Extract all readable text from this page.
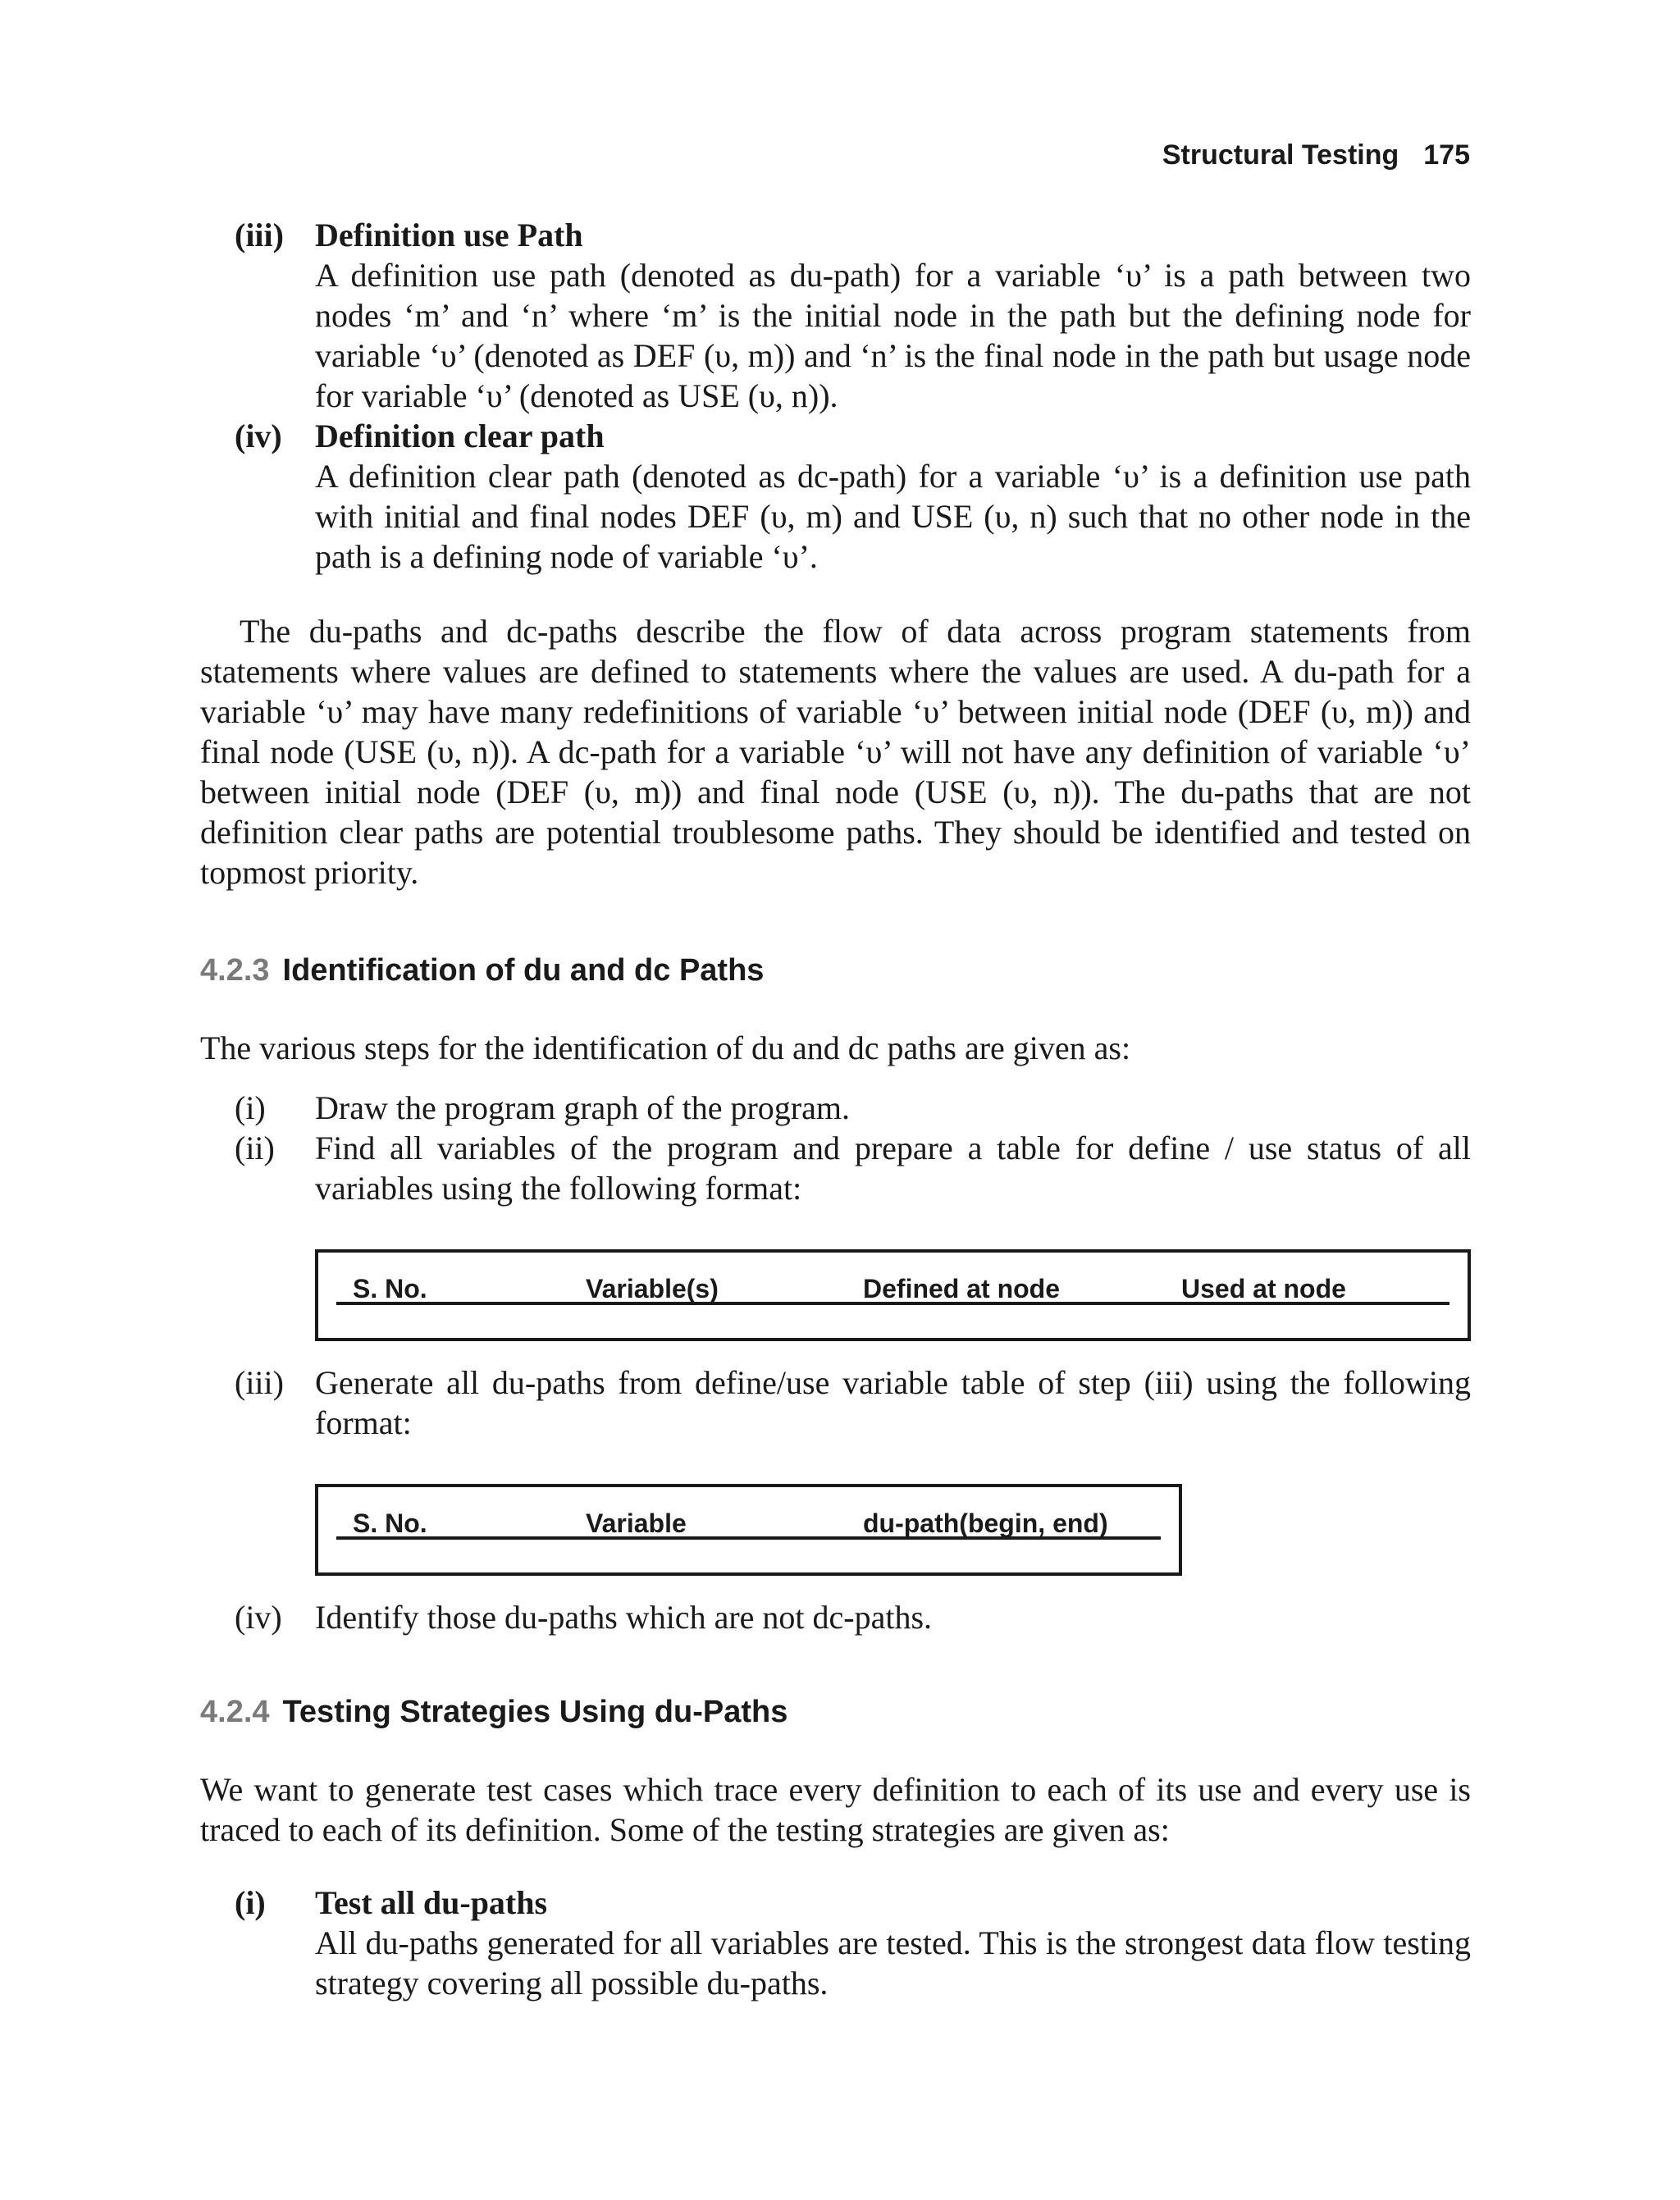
Structural Testing 175
(iii) Definition use Path
A definition use path (denoted as du-path) for a variable ‘υ’ is a path between two nodes ‘m’ and ‘n’ where ‘m’ is the initial node in the path but the defining node for variable ‘υ’ (denoted as DEF (υ, m)) and ‘n’ is the final node in the path but usage node for variable ‘υ’ (denoted as USE (υ, n)).
(iv) Definition clear path
A definition clear path (denoted as dc-path) for a variable ‘υ’ is a definition use path with initial and final nodes DEF (υ, m) and USE (υ, n) such that no other node in the path is a defining node of variable ‘υ’.

The du-paths and dc-paths describe the flow of data across program statements from statements where values are defined to statements where the values are used. A du-path for a variable ‘υ’ may have many redefinitions of variable ‘υ’ between initial node (DEF (υ, m)) and final node (USE (υ, n)). A dc-path for a variable ‘υ’ will not have any definition of variable ‘υ’ between initial node (DEF (υ, m)) and final node (USE (υ, n)). The du-paths that are not definition clear paths are potential troublesome paths. They should be identified and tested on topmost priority.

4.2.3 Identification of du and dc Paths

The various steps for the identification of du and dc paths are given as:

(i) Draw the program graph of the program.
(ii) Find all variables of the program and prepare a table for define / use status of all variables using the following format:
S. No.	Variable(s)	Defined at node	Used at node
(iii) Generate all du-paths from define/use variable table of step (iii) using the following format:
S. No.	Variable	du-path(begin, end)
(iv) Identify those du-paths which are not dc-paths.
4.2.4 Testing Strategies Using du-Paths

We want to generate test cases which trace every definition to each of its use and every use is traced to each of its definition. Some of the testing strategies are given as:

(i) Test all du-paths
All du-paths generated for all variables are tested. This is the strongest data flow testing strategy covering all possible du-paths.
